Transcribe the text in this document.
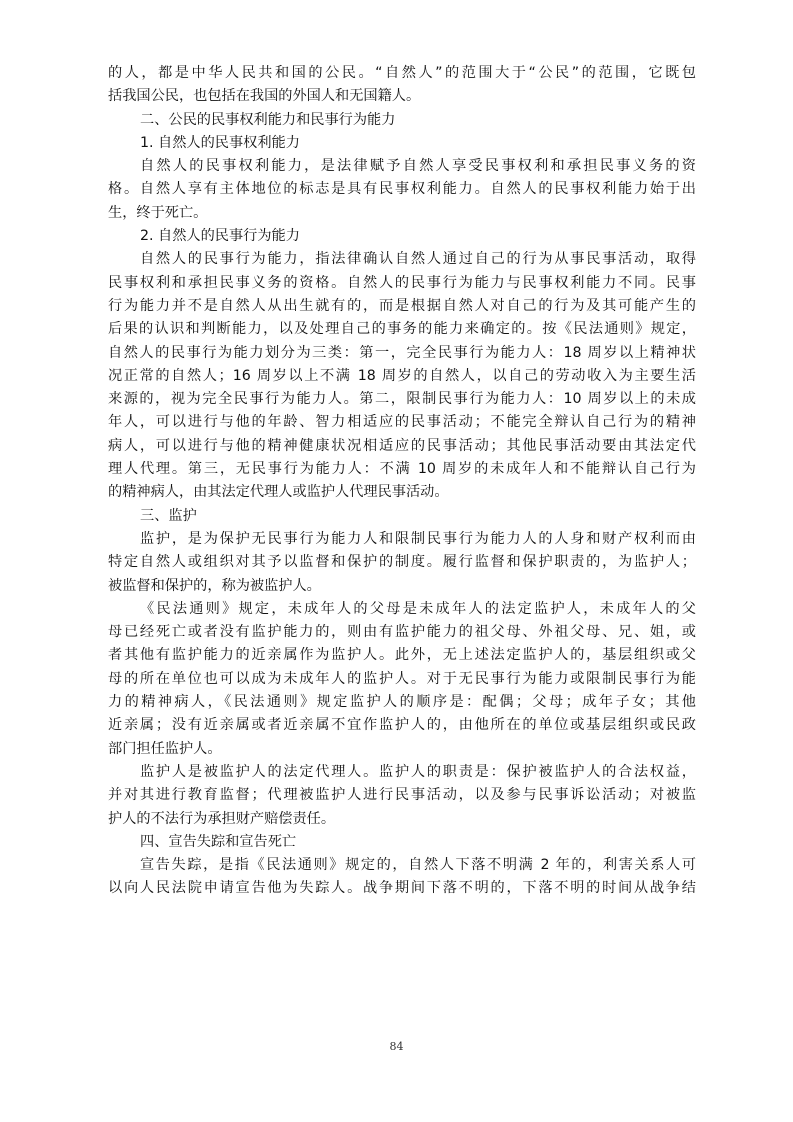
的人，都是中华人民共和国的公民。“自然人”的范围大于“公民”的范围，它既包
括我国公民，也包括在我国的外国人和无国籍人。
二、公民的民事权利能力和民事行为能力
1. 自然人的民事权利能力
自然人的民事权利能力，是法律赋予自然人享受民事权利和承担民事义务的资
格。自然人享有主体地位的标志是具有民事权利能力。自然人的民事权利能力始于出
生，终于死亡。
2. 自然人的民事行为能力
自然人的民事行为能力，指法律确认自然人通过自己的行为从事民事活动，取得
民事权利和承担民事义务的资格。自然人的民事行为能力与民事权利能力不同。民事
行为能力并不是自然人从出生就有的，而是根据自然人对自己的行为及其可能产生的
后果的认识和判断能力，以及处理自己的事务的能力来确定的。按《民法通则》规定，
自然人的民事行为能力划分为三类：第一，完全民事行为能力人：18 周岁以上精神状
况正常的自然人；16 周岁以上不满 18 周岁的自然人，以自己的劳动收入为主要生活
来源的，视为完全民事行为能力人。第二，限制民事行为能力人：10 周岁以上的未成
年人，可以进行与他的年龄、智力相适应的民事活动；不能完全辩认自己行为的精神
病人，可以进行与他的精神健康状况相适应的民事活动；其他民事活动要由其法定代
理人代理。第三，无民事行为能力人：不满 10 周岁的未成年人和不能辩认自己行为
的精神病人，由其法定代理人或监护人代理民事活动。
三、监护
监护，是为保护无民事行为能力人和限制民事行为能力人的人身和财产权利而由
特定自然人或组织对其予以监督和保护的制度。履行监督和保护职责的，为监护人；
被监督和保护的，称为被监护人。
《民法通则》规定，未成年人的父母是未成年人的法定监护人，未成年人的父
母已经死亡或者没有监护能力的，则由有监护能力的祖父母、外祖父母、兄、姐，或
者其他有监护能力的近亲属作为监护人。此外，无上述法定监护人的，基层组织或父
母的所在单位也可以成为未成年人的监护人。对于无民事行为能力或限制民事行为能
力的精神病人，《民法通则》规定监护人的顺序是：配偶；父母；成年子女；其他
近亲属；没有近亲属或者近亲属不宜作监护人的，由他所在的单位或基层组织或民政
部门担任监护人。
监护人是被监护人的法定代理人。监护人的职责是：保护被监护人的合法权益，
并对其进行教育监督；代理被监护人进行民事活动，以及参与民事诉讼活动；对被监
护人的不法行为承担财产赔偿责任。
四、宣告失踪和宣告死亡
宣告失踪，是指《民法通则》规定的，自然人下落不明满 2 年的，利害关系人可
以向人民法院申请宣告他为失踪人。战争期间下落不明的，下落不明的时间从战争结
84
